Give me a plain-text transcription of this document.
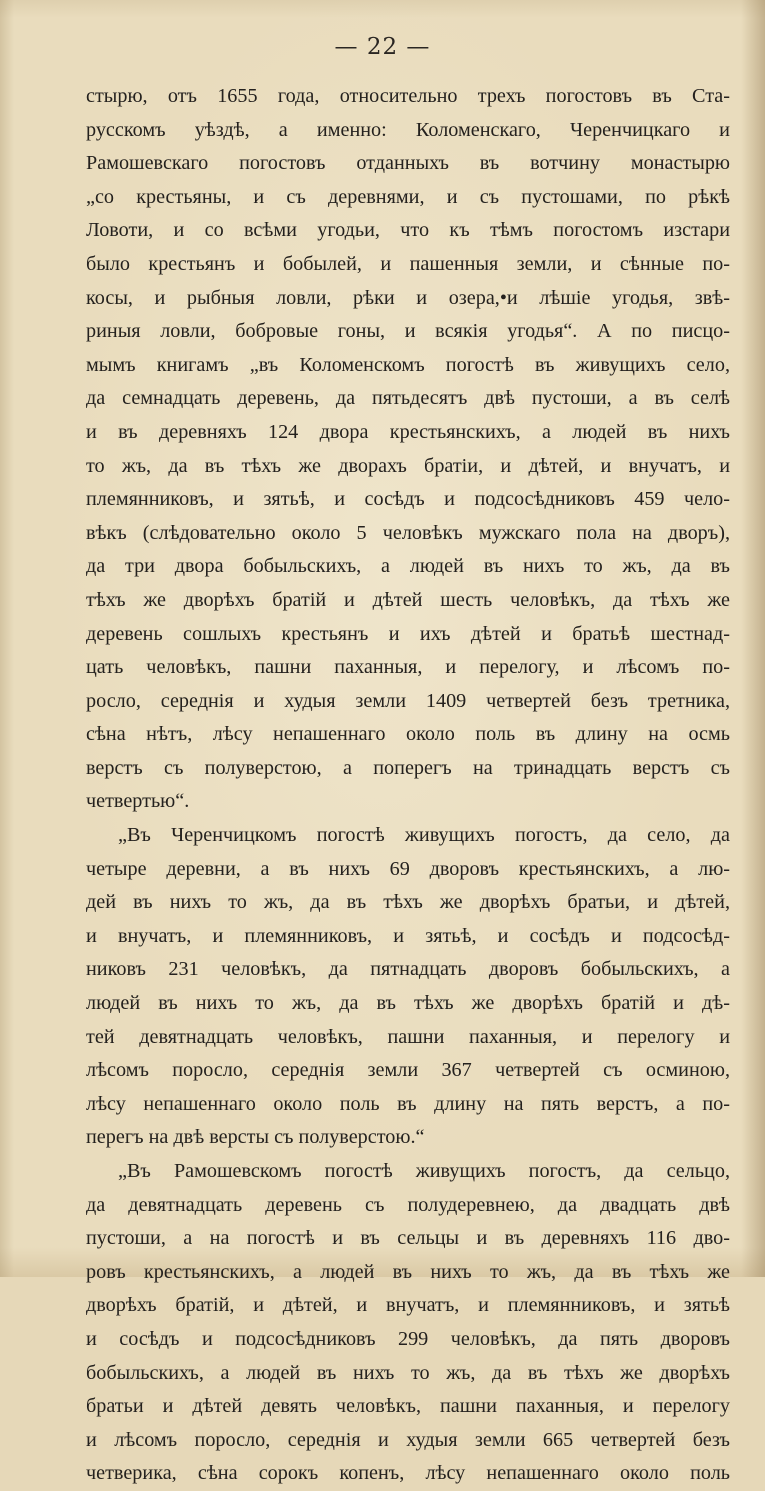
— 22 —
стырю, отъ 1655 года, относительно трехъ погостовъ въ Ста-
русскомъ уѣздѣ, а именно: Коломенскаго, Черенчицкаго и
Рамошевскаго погостовъ отданныхъ въ вотчину монастырю
„со крестьяны, и съ деревнями, и съ пустошами, по рѣкѣ
Ловоти, и со всѣми угодьи, что къ тѣмъ погостомъ изстари
было крестьянъ и бобылей, и пашенныя земли, и сѣнные по-
косы, и рыбныя ловли, рѣки и озера,•и лѣшіе угодья, звѣ-
риныя ловли, бобровые гоны, и всякія угодья“. А по писцо-
мымъ книгамъ „въ Коломенскомъ погостѣ въ живущихъ село,
да семнадцать деревень, да пятьдесятъ двѣ пустоши, а въ селѣ
и въ деревняхъ 124 двора крестьянскихъ, а людей въ нихъ
то жъ, да въ тѣхъ же дворахъ братіи, и дѣтей, и внучатъ, и
племянниковъ, и зятьѣ, и сосѣдъ и подсосѣдниковъ 459 чело-
вѣкъ (слѣдовательно около 5 человѣкъ мужскаго пола на дворъ),
да три двора бобыльскихъ, а людей въ нихъ то жъ, да въ
тѣхъ же дворѣхъ братій и дѣтей шесть человѣкъ, да тѣхъ же
деревень сошлыхъ крестьянъ и ихъ дѣтей и братьѣ шестнад-
цать человѣкъ, пашни паханныя, и перелогу, и лѣсомъ по-
росло, середнія и худыя земли 1409 четвертей безъ третника,
сѣна нѣтъ, лѣсу непашеннаго около поль въ длину на осмь
верстъ съ полуверстою, а поперегъ на тринадцать верстъ съ
четвертью“.
„Въ Черенчицкомъ погостѣ живущихъ погостъ, да село, да
четыре деревни, а въ нихъ 69 дворовъ крестьянскихъ, а лю-
дей въ нихъ то жъ, да въ тѣхъ же дворѣхъ братьи, и дѣтей,
и внучатъ, и племянниковъ, и зятьѣ, и сосѣдъ и подсосѣд-
никовъ 231 человѣкъ, да пятнадцать дворовъ бобыльскихъ, а
людей въ нихъ то жъ, да въ тѣхъ же дворѣхъ братій и дѣ-
тей девятнадцать человѣкъ, пашни паханныя, и перелогу и
лѣсомъ поросло, середнія земли 367 четвертей съ осминою,
лѣсу непашеннаго около поль въ длину на пять верстъ, а по-
перегъ на двѣ версты съ полуверстою.“
„Въ Рамошевскомъ погостѣ живущихъ погостъ, да сельцо,
да девятнадцать деревень съ полудеревнею, да двадцать двѣ
пустоши, а на погостѣ и въ сельцы и въ деревняхъ 116 дво-
ровъ крестьянскихъ, а людей въ нихъ то жъ, да въ тѣхъ же
дворѣхъ братій, и дѣтей, и внучатъ, и племянниковъ, и зятьѣ
и сосѣдъ и подсосѣдниковъ 299 человѣкъ, да пять дворовъ
бобыльскихъ, а людей въ нихъ то жъ, да въ тѣхъ же дворѣхъ
братьи и дѣтей девять человѣкъ, пашни паханныя, и перелогу
и лѣсомъ поросло, середнія и худыя земли 665 четвертей безъ
четверика, сѣна сорокъ копенъ, лѣсу непашеннаго около поль
